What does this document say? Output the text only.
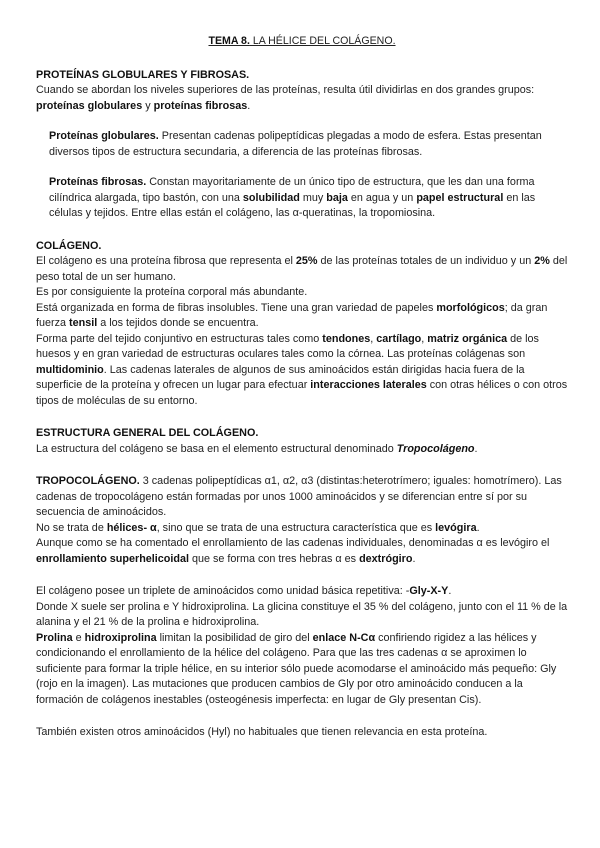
TEMA 8. LA HÉLICE DEL COLÁGENO.

PROTEÍNAS GLOBULARES Y FIBROSAS.

Cuando se abordan los niveles superiores de las proteínas, resulta útil dividirlas en dos grandes grupos: proteínas globulares y proteínas fibrosas.

Proteínas globulares. Presentan cadenas polipeptídicas plegadas a modo de esfera. Estas presentan diversos tipos de estructura secundaria, a diferencia de las proteínas fibrosas.

Proteínas fibrosas. Constan mayoritariamente de un único tipo de estructura, que les dan una forma cilíndrica alargada, tipo bastón, con una solubilidad muy baja en agua y un papel estructural en las células y tejidos. Entre ellas están el colágeno, las α-queratinas, la tropomiosina.

COLÁGENO.

El colágeno es una proteína fibrosa que representa el 25% de las proteínas totales de un individuo y un 2% del peso total de un ser humano.

Es por consiguiente la proteína corporal más abundante.

Está organizada en forma de fibras insolubles. Tiene una gran variedad de papeles morfológicos; da gran fuerza tensil a los tejidos donde se encuentra.

Forma parte del tejido conjuntivo en estructuras tales como tendones, cartílago, matriz orgánica de los huesos y en gran variedad de estructuras oculares tales como la córnea. Las proteínas colágenas son multidominio. Las cadenas laterales de algunos de sus aminoácidos están dirigidas hacia fuera de la superficie de la proteína y ofrecen un lugar para efectuar interacciones laterales con otras hélices o con otros tipos de moléculas de su entorno.

ESTRUCTURA GENERAL DEL COLÁGENO.

La estructura del colágeno se basa en el elemento estructural denominado Tropocolágeno.

TROPOCOLÁGENO. 3 cadenas polipeptídicas α1, α2, α3 (distintas:heterotrímero; iguales: homotrímero). Las cadenas de tropocolágeno están formadas por unos 1000 aminoácidos y se diferencian entre sí por su secuencia de aminoácidos.

No se trata de hélices- α, sino que se trata de una estructura característica que es levógira.

Aunque como se ha comentado el enrollamiento de las cadenas individuales, denominadas α es levógiro el enrollamiento superhelicoidal que se forma con tres hebras α es dextrógiro.

El colágeno posee un triplete de aminoácidos como unidad básica repetitiva: -Gly-X-Y.

Donde X suele ser prolina e Y hidroxiprolina. La glicina constituye el 35 % del colágeno, junto con el 11 % de la alanina y el 21 % de la prolina e hidroxiprolina.

Prolina e hidroxiprolina limitan la posibilidad de giro del enlace N-Cα confiriendo rigidez a las hélices y condicionando el enrollamiento de la hélice del colágeno. Para que las tres cadenas α se aproximen lo suficiente para formar la triple hélice, en su interior sólo puede acomodarse el aminoácido más pequeño: Gly (rojo en la imagen). Las mutaciones que producen cambios de Gly por otro aminoácido conducen a la formación de colágenos inestables (osteogénesis imperfecta: en lugar de Gly presentan Cis).

También existen otros aminoácidos (Hyl) no habituales que tienen relevancia en esta proteína.
